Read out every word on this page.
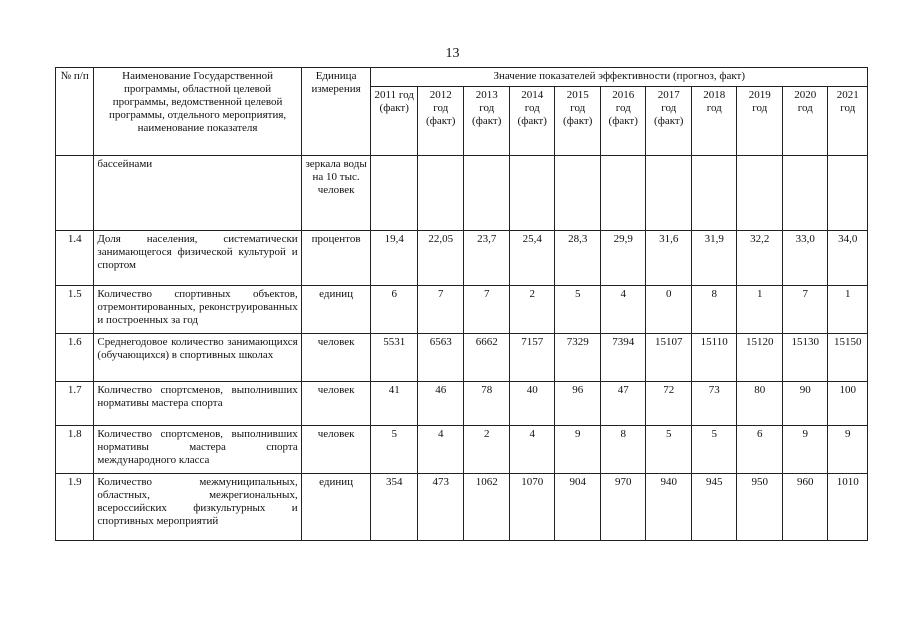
13
№ п/п	Наименование Государственной программы, областной целевой программы, ведомственной целевой программы, отдельного мероприятия, наименование показателя	Единица измерения	Значение показателей эффективности (прогноз, факт)										
			2011 год (факт)	2012 год (факт)	2013 год (факт)	2014 год (факт)	2015 год (факт)	2016 год (факт)	2017 год (факт)	2018 год	2019 год	2020 год	2021 год
	бассейнами	зеркала воды на 10 тыс. человек											
1.4	Доля населения, систематически занимающегося физической культурой и спортом	процентов	19,4	22,05	23,7	25,4	28,3	29,9	31,6	31,9	32,2	33,0	34,0
1.5	Количество спортивных объектов, отремонтированных, реконструированных и построенных за год	единиц	6	7	7	2	5	4	0	8	1	7	1
1.6	Среднегодовое количество занимающихся (обучающихся) в спортивных школах	человек	5531	6563	6662	7157	7329	7394	15107	15110	15120	15130	15150
1.7	Количество спортсменов, выполнивших нормативы мастера спорта	человек	41	46	78	40	96	47	72	73	80	90	100
1.8	Количество спортсменов, выполнивших нормативы мастера спорта международного класса	человек	5	4	2	4	9	8	5	5	6	9	9
1.9	Количество межмуниципальных, областных, межрегиональных, всероссийских физкультурных и спортивных мероприятий	единиц	354	473	1062	1070	904	970	940	945	950	960	1010
